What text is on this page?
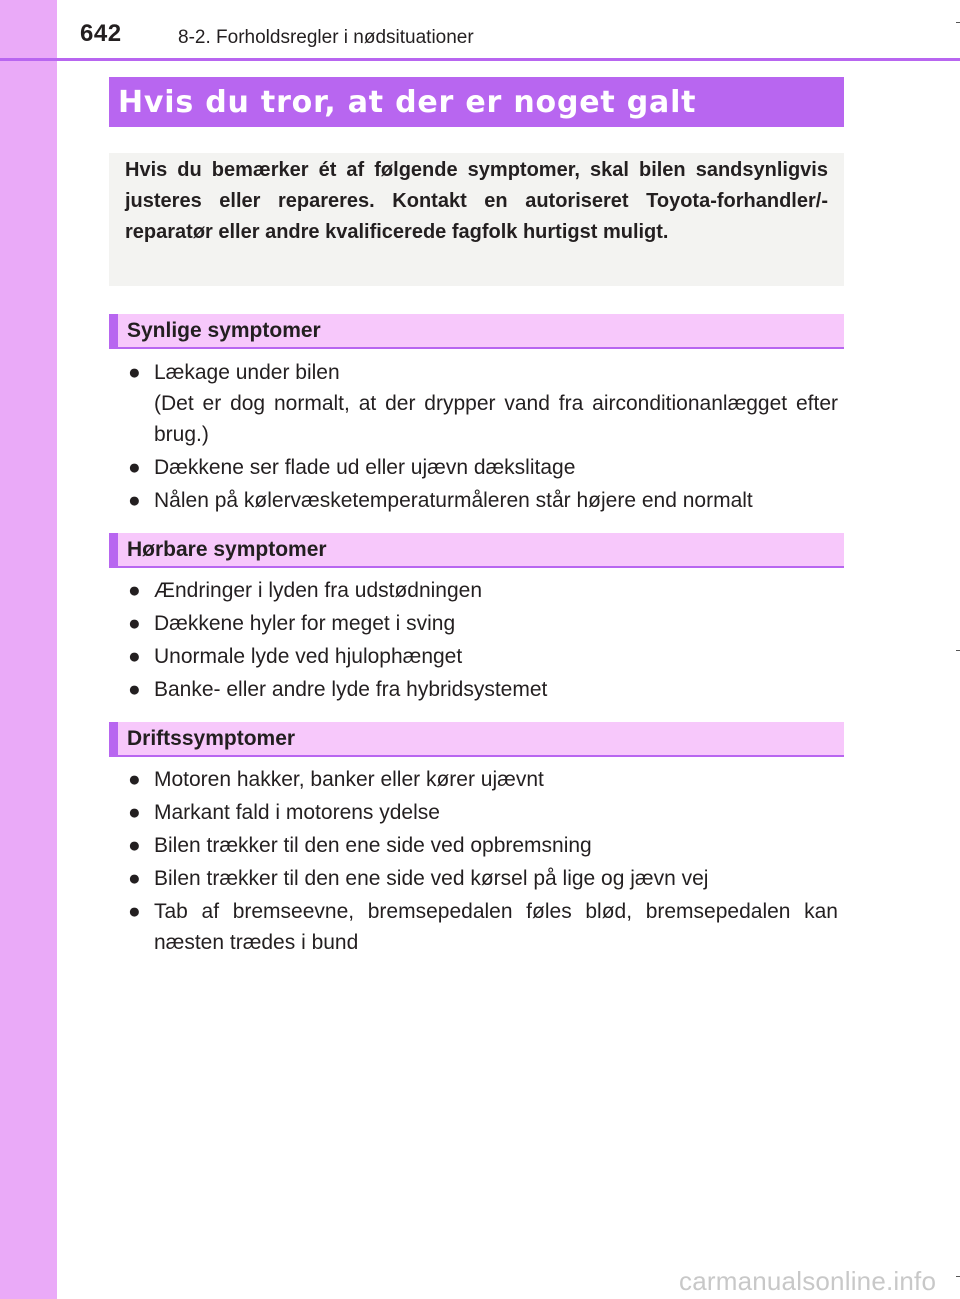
642	8-2. Forholdsregler i nødsituationer
Hvis du tror, at der er noget galt
Hvis du bemærker ét af følgende symptomer, skal bilen sandsynligvis justeres eller repareres. Kontakt en autoriseret Toyota-forhandler/-reparatør eller andre kvalificerede fagfolk hurtigst muligt.
Synlige symptomer
● Lækage under bilen
(Det er dog normalt, at der drypper vand fra airconditionanlægget efter brug.)
● Dækkene ser flade ud eller ujævn dækslitage
● Nålen på kølervæsketemperaturmåleren står højere end normalt
Hørbare symptomer
● Ændringer i lyden fra udstødningen
● Dækkene hyler for meget i sving
● Unormale lyde ved hjulophænget
● Banke- eller andre lyde fra hybridsystemet
Driftssymptomer
● Motoren hakker, banker eller kører ujævnt
● Markant fald i motorens ydelse
● Bilen trækker til den ene side ved opbremsning
● Bilen trækker til den ene side ved kørsel på lige og jævn vej
● Tab af bremseevne, bremsepedalen føles blød, bremsepedalen kan næsten trædes i bund
carmanualsonline.info
